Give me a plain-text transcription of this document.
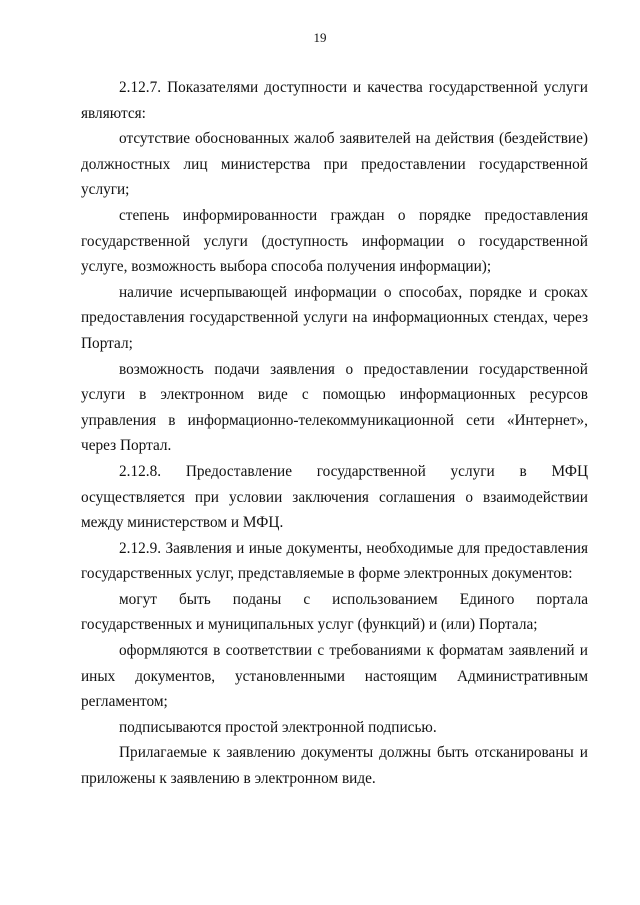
19

2.12.7. Показателями доступности и качества государственной услуги являются:

отсутствие обоснованных жалоб заявителей на действия (бездействие) должностных лиц министерства при предоставлении государственной услуги;

степень информированности граждан о порядке предоставления государственной услуги (доступность информации о государственной услуге, возможность выбора способа получения информации);

наличие исчерпывающей информации о способах, порядке и сроках предоставления государственной услуги на информационных стендах, через Портал;

возможность подачи заявления о предоставлении государственной услуги в электронном виде с помощью информационных ресурсов управления в информационно-телекоммуникационной сети «Интернет», через Портал.

2.12.8. Предоставление государственной услуги в МФЦ осуществляется при условии заключения соглашения о взаимодействии между министерством и МФЦ.

2.12.9. Заявления и иные документы, необходимые для предоставления государственных услуг, представляемые в форме электронных документов:

могут быть поданы с использованием Единого портала государственных и муниципальных услуг (функций) и (или) Портала;

оформляются в соответствии с требованиями к форматам заявлений и иных документов, установленными настоящим Административным регламентом;

подписываются простой электронной подписью.

Прилагаемые к заявлению документы должны быть отсканированы и приложены к заявлению в электронном виде.
